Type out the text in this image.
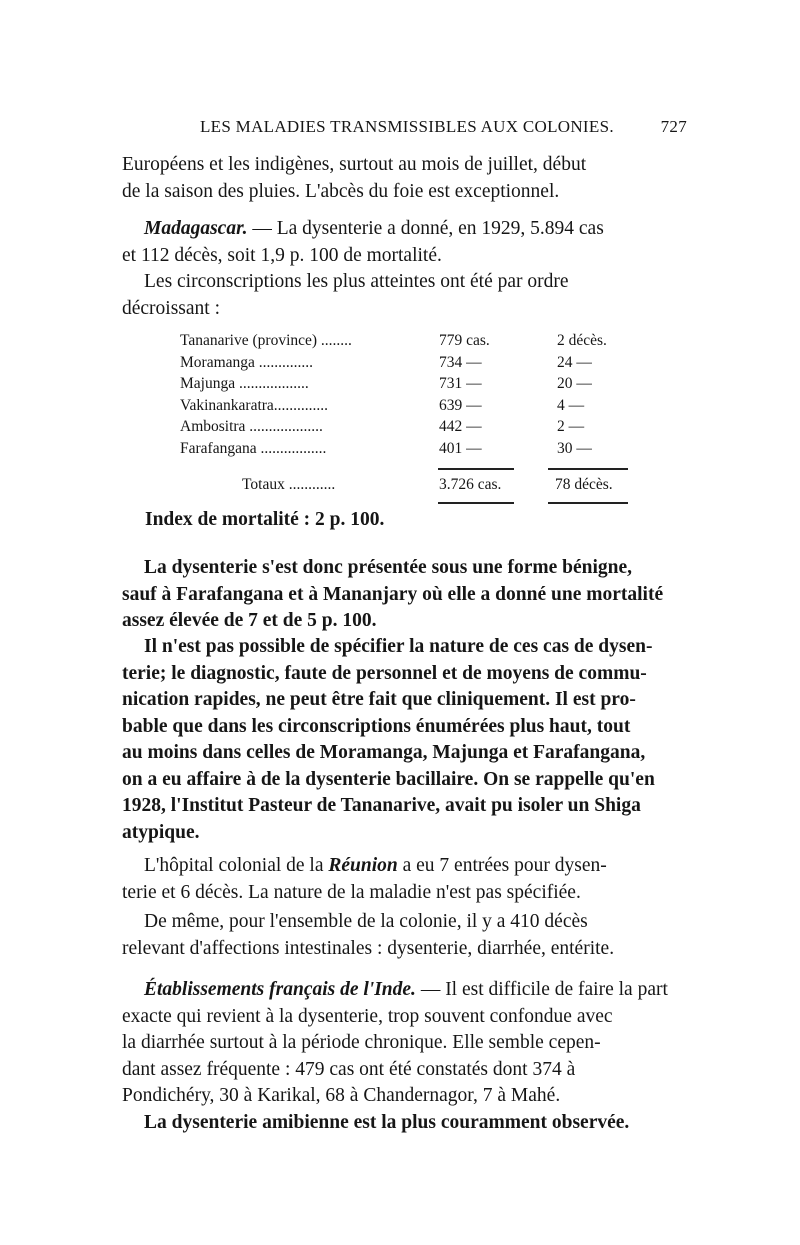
LES MALADIES TRANSMISSIBLES AUX COLONIES.	727

Européens et les indigènes, surtout au mois de juillet, début
de la saison des pluies. L'abcès du foie est exceptionnel.

Madagascar. — La dysenterie a donné, en 1929, 5.894 cas
et 112 décès, soit 1,9 p. 100 de mortalité.

Les circonscriptions les plus atteintes ont été par ordre
décroissant :

Tananarive (province) ........	779 cas.	2 décès.
Moramanga ..............	734 —	24 —
Majunga ..................	731 —	20 —
Vakinankaratra..............	639 —	4 —
Ambositra ...................	442 —	2 —
Farafangana .................	401 —	30 —
Totaux ............	3.726 cas.	78 décès.
Index de mortalité : 2 p. 100.

La dysenterie s'est donc présentée sous une forme bénigne,
sauf à Farafangana et à Mananjary où elle a donné une mortalité
assez élevée de 7 et de 5 p. 100.

Il n'est pas possible de spécifier la nature de ces cas de dysen-
terie; le diagnostic, faute de personnel et de moyens de commu-
nication rapides, ne peut être fait que cliniquement. Il est pro-
bable que dans les circonscriptions énumérées plus haut, tout
au moins dans celles de Moramanga, Majunga et Farafangana,
on a eu affaire à de la dysenterie bacillaire. On se rappelle qu'en
1928, l'Institut Pasteur de Tananarive, avait pu isoler un Shiga
atypique.

L'hôpital colonial de la Réunion a eu 7 entrées pour dysen-
terie et 6 décès. La nature de la maladie n'est pas spécifiée.

De même, pour l'ensemble de la colonie, il y a 410 décès
relevant d'affections intestinales : dysenterie, diarrhée, entérite.

Établissements français de l'Inde. — Il est difficile de faire la part
exacte qui revient à la dysenterie, trop souvent confondue avec
la diarrhée surtout à la période chronique. Elle semble cepen-
dant assez fréquente : 479 cas ont été constatés dont 374 à
Pondichéry, 30 à Karikal, 68 à Chandernagor, 7 à Mahé.

La dysenterie amibienne est la plus couramment observée.
